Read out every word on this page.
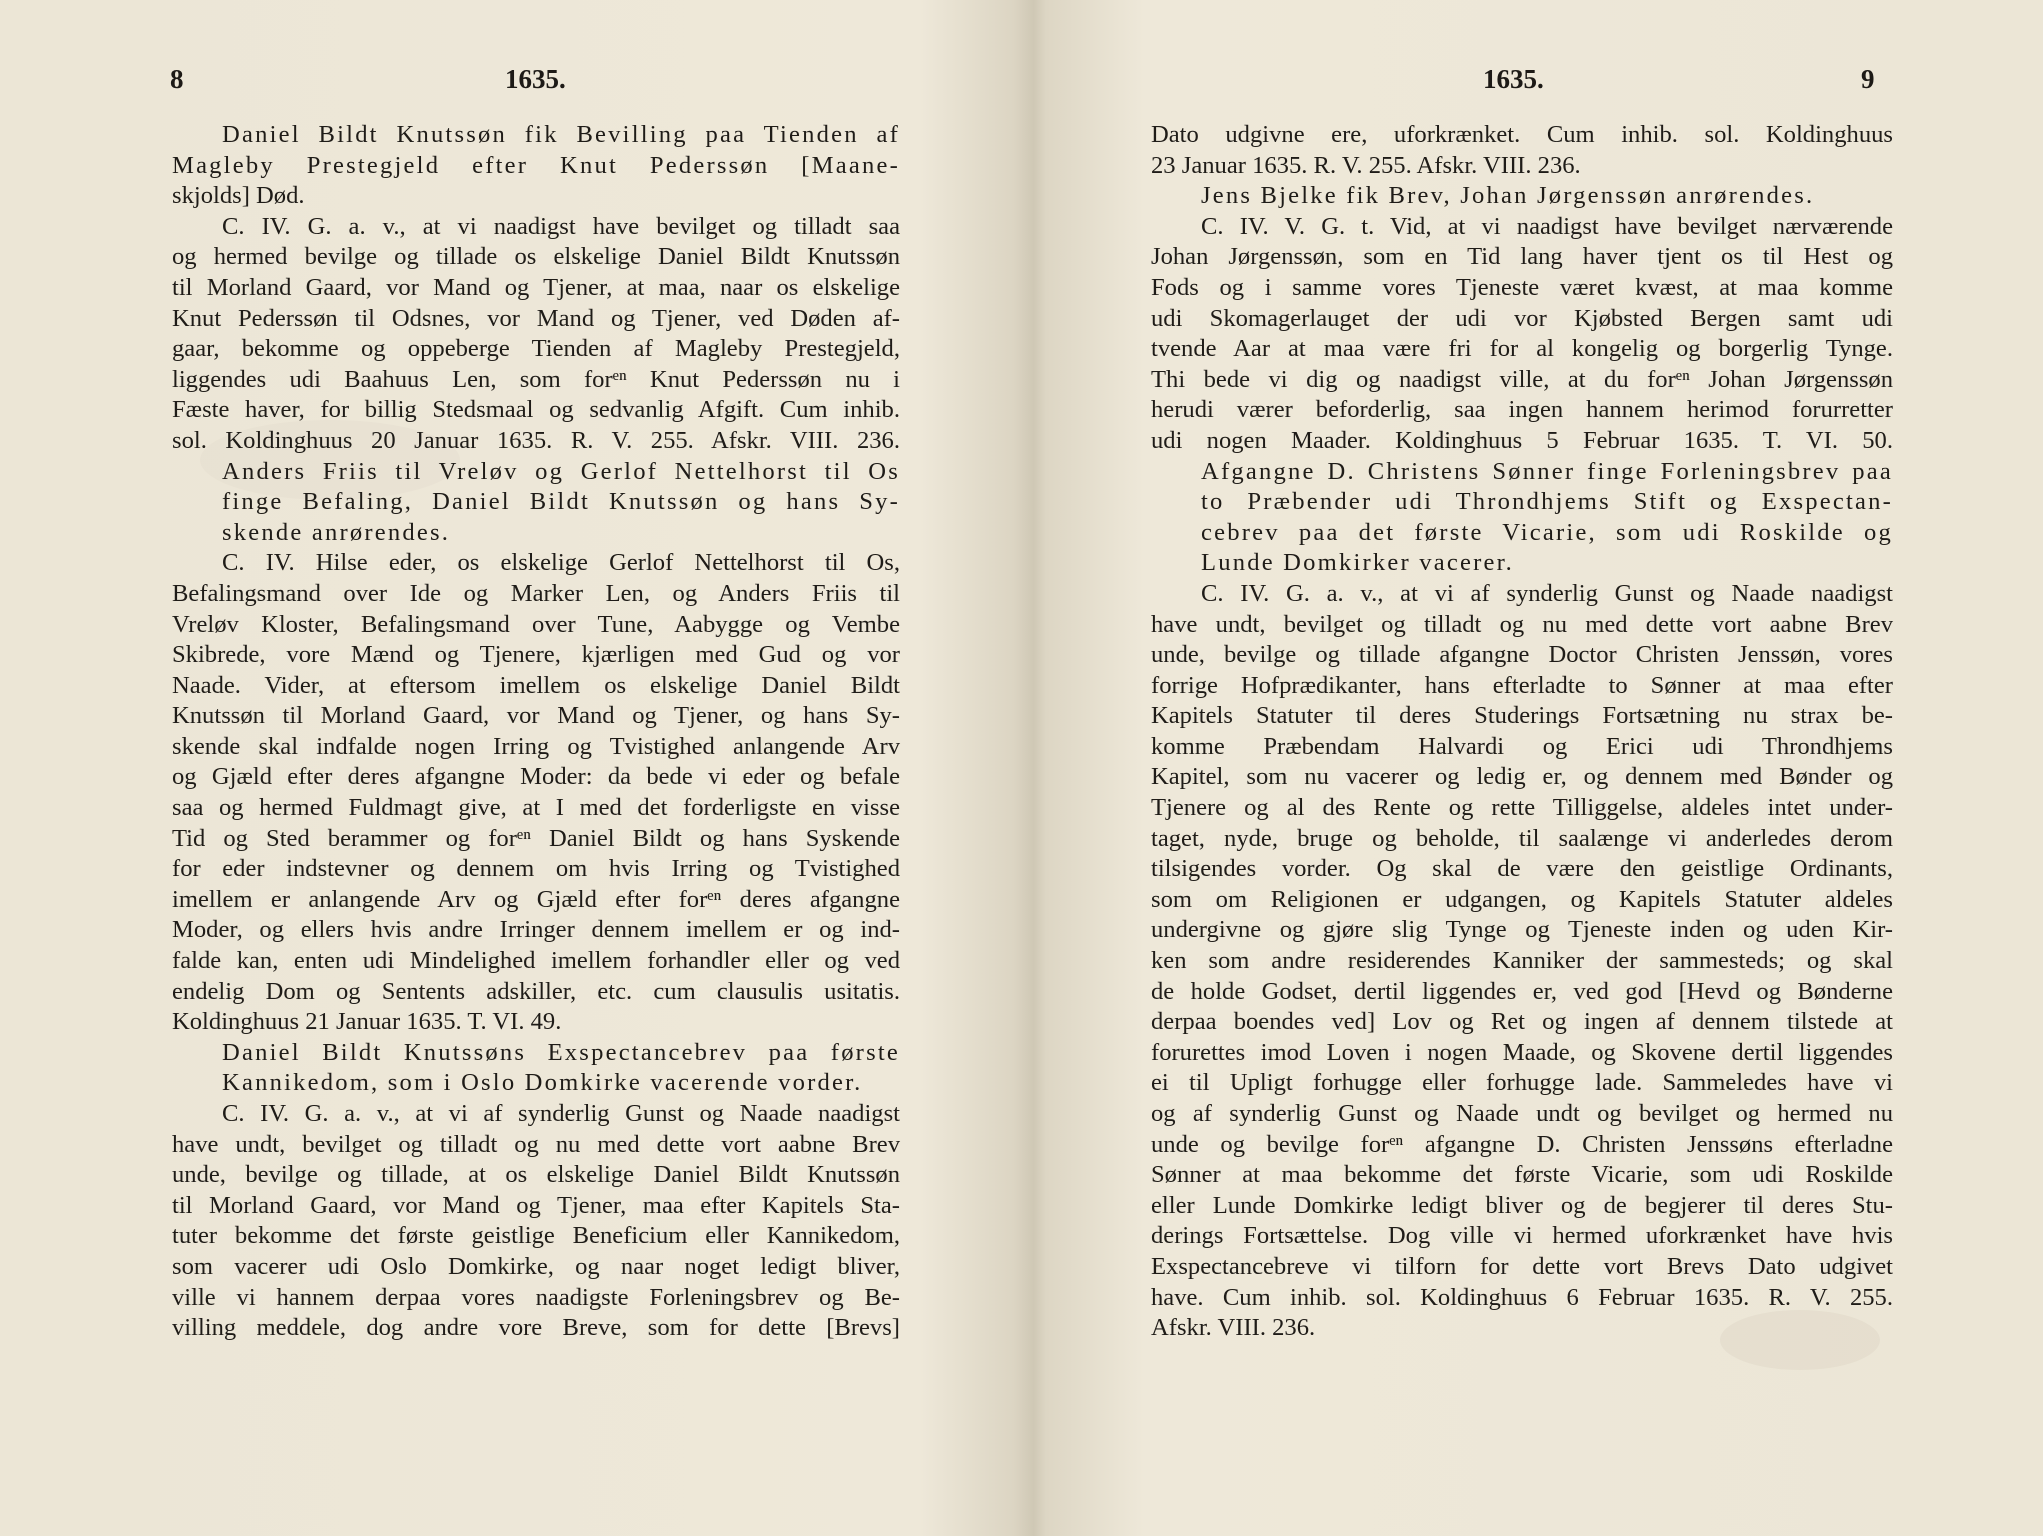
8	1635.
Daniel Bildt Knutssøn fik Bevilling paa Tienden af
Magleby Prestegjeld efter Knut Pederssøn [Maane-
skjolds] Død.
C. IV. G. a. v., at vi naadigst have bevilget og tilladt saa
og hermed bevilge og tillade os elskelige Daniel Bildt Knutssøn
til Morland Gaard, vor Mand og Tjener, at maa, naar os elskelige
Knut Pederssøn til Odsnes, vor Mand og Tjener, ved Døden af-
gaar, bekomme og oppeberge Tienden af Magleby Prestegjeld,
liggendes udi Baahuus Len, som forᵉⁿ Knut Pederssøn nu i
Fæste haver, for billig Stedsmaal og sedvanlig Afgift. Cum inhib.
sol. Koldinghuus 20 Januar 1635. R. V. 255. Afskr. VIII. 236.
Anders Friis til Vreløv og Gerlof Nettelhorst til Os
finge Befaling, Daniel Bildt Knutssøn og hans Sy-
skende anrørendes.
C. IV. Hilse eder, os elskelige Gerlof Nettelhorst til Os,
Befalingsmand over Ide og Marker Len, og Anders Friis til
Vreløv Kloster, Befalingsmand over Tune, Aabygge og Vembe
Skibrede, vore Mænd og Tjenere, kjærligen med Gud og vor
Naade. Vider, at eftersom imellem os elskelige Daniel Bildt
Knutssøn til Morland Gaard, vor Mand og Tjener, og hans Sy-
skende skal indfalde nogen Irring og Tvistighed anlangende Arv
og Gjæld efter deres afgangne Moder: da bede vi eder og befale
saa og hermed Fuldmagt give, at I med det forderligste en visse
Tid og Sted berammer og forᵉⁿ Daniel Bildt og hans Syskende
for eder indstevner og dennem om hvis Irring og Tvistighed
imellem er anlangende Arv og Gjæld efter forᵉⁿ deres afgangne
Moder, og ellers hvis andre Irringer dennem imellem er og ind-
falde kan, enten udi Mindelighed imellem forhandler eller og ved
endelig Dom og Sentents adskiller, etc. cum clausulis usitatis.
Koldinghuus 21 Januar 1635. T. VI. 49.
Daniel Bildt Knutssøns Exspectancebrev paa første
Kannikedom, som i Oslo Domkirke vacerende vorder.
C. IV. G. a. v., at vi af synderlig Gunst og Naade naadigst
have undt, bevilget og tilladt og nu med dette vort aabne Brev
unde, bevilge og tillade, at os elskelige Daniel Bildt Knutssøn
til Morland Gaard, vor Mand og Tjener, maa efter Kapitels Sta-
tuter bekomme det første geistlige Beneficium eller Kannikedom,
som vacerer udi Oslo Domkirke, og naar noget ledigt bliver,
ville vi hannem derpaa vores naadigste Forleningsbrev og Be-
villing meddele, dog andre vore Breve, som for dette [Brevs]
1635.	9
Dato udgivne ere, uforkrænket. Cum inhib. sol. Koldinghuus
23 Januar 1635. R. V. 255. Afskr. VIII. 236.
Jens Bjelke fik Brev, Johan Jørgenssøn anrørendes.
C. IV. V. G. t. Vid, at vi naadigst have bevilget nærværende
Johan Jørgenssøn, som en Tid lang haver tjent os til Hest og
Fods og i samme vores Tjeneste været kvæst, at maa komme
udi Skomagerlauget der udi vor Kjøbsted Bergen samt udi
tvende Aar at maa være fri for al kongelig og borgerlig Tynge.
Thi bede vi dig og naadigst ville, at du forᵉⁿ Johan Jørgenssøn
herudi værer beforderlig, saa ingen hannem herimod forurretter
udi nogen Maader. Koldinghuus 5 Februar 1635. T. VI. 50.
Afgangne D. Christens Sønner finge Forleningsbrev paa
to Præbender udi Throndhjems Stift og Exspectan-
cebrev paa det første Vicarie, som udi Roskilde og
Lunde Domkirker vacerer.
C. IV. G. a. v., at vi af synderlig Gunst og Naade naadigst
have undt, bevilget og tilladt og nu med dette vort aabne Brev
unde, bevilge og tillade afgangne Doctor Christen Jenssøn, vores
forrige Hofprædikanter, hans efterladte to Sønner at maa efter
Kapitels Statuter til deres Studerings Fortsætning nu strax be-
komme Præbendam Halvardi og Erici udi Throndhjems
Kapitel, som nu vacerer og ledig er, og dennem med Bønder og
Tjenere og al des Rente og rette Tilliggelse, aldeles intet under-
taget, nyde, bruge og beholde, til saalænge vi anderledes derom
tilsigendes vorder. Og skal de være den geistlige Ordinants,
som om Religionen er udgangen, og Kapitels Statuter aldeles
undergivne og gjøre slig Tynge og Tjeneste inden og uden Kir-
ken som andre residerendes Kanniker der sammesteds; og skal
de holde Godset, dertil liggendes er, ved god [Hevd og Bønderne
derpaa boendes ved] Lov og Ret og ingen af dennem tilstede at
forurettes imod Loven i nogen Maade, og Skovene dertil liggendes
ei til Upligt forhugge eller forhugge lade. Sammeledes have vi
og af synderlig Gunst og Naade undt og bevilget og hermed nu
unde og bevilge forᵉⁿ afgangne D. Christen Jenssøns efterladne
Sønner at maa bekomme det første Vicarie, som udi Roskilde
eller Lunde Domkirke ledigt bliver og de begjerer til deres Stu-
derings Fortsættelse. Dog ville vi hermed uforkrænket have hvis
Exspectancebreve vi tilforn for dette vort Brevs Dato udgivet
have. Cum inhib. sol. Koldinghuus 6 Februar 1635. R. V. 255.
Afskr. VIII. 236.
